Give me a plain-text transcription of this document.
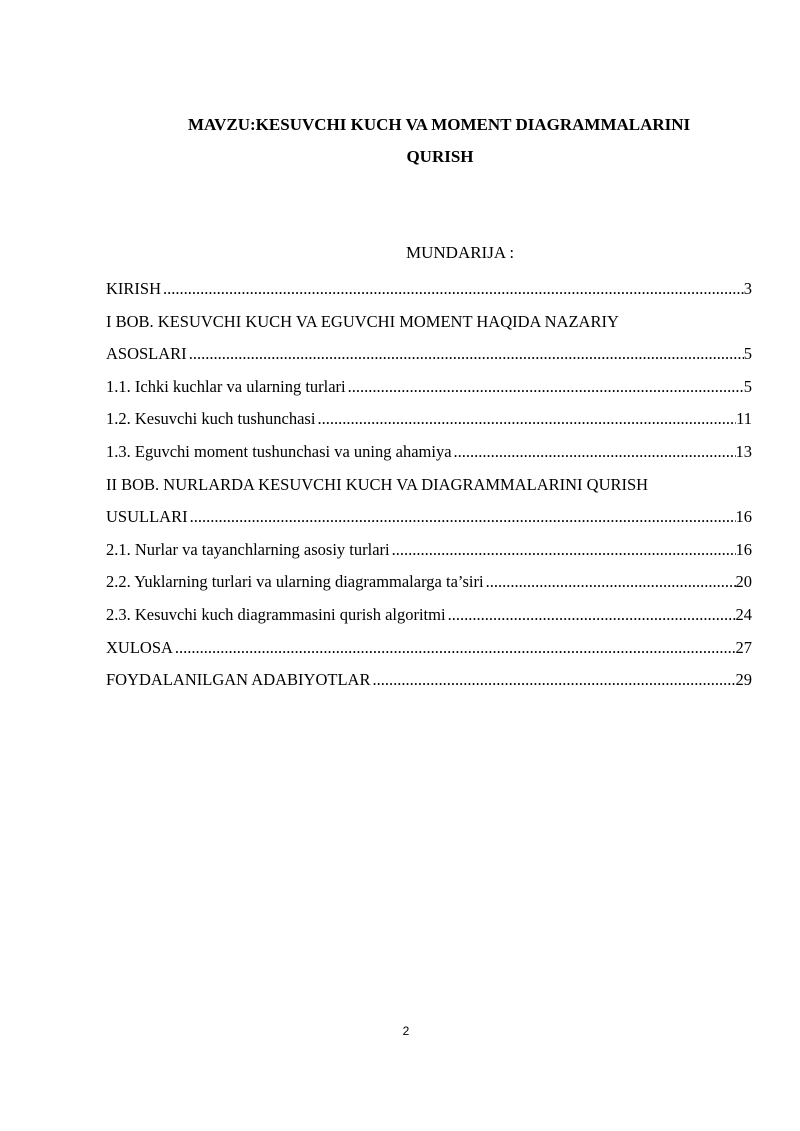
MAVZU:KESUVCHI KUCH VA MOMENT DIAGRAMMALARINI
QURISH
MUNDARIJA :
KIRISH .....	3
I BOB. KESUVCHI KUCH VA EGUVCHI MOMENT HAQIDA NAZARIY
ASOSLARI .....	5
1.1. Ichki kuchlar va ularning turlari .....	5
1.2. Kesuvchi kuch tushunchasi .....	11
1.3. Eguvchi moment tushunchasi va uning ahamiya .....	13
II BOB. NURLARDA KESUVCHI KUCH VA DIAGRAMMALARINI QURISH
USULLARI .....	16
2.1. Nurlar va tayanchlarning asosiy turlari .....	16
2.2. Yuklarning turlari va ularning diagrammalarga ta’siri .....	20
2.3. Kesuvchi kuch diagrammasini qurish algoritmi .....	24
XULOSA .....	27
FOYDALANILGAN ADABIYOTLAR .....	29
2
